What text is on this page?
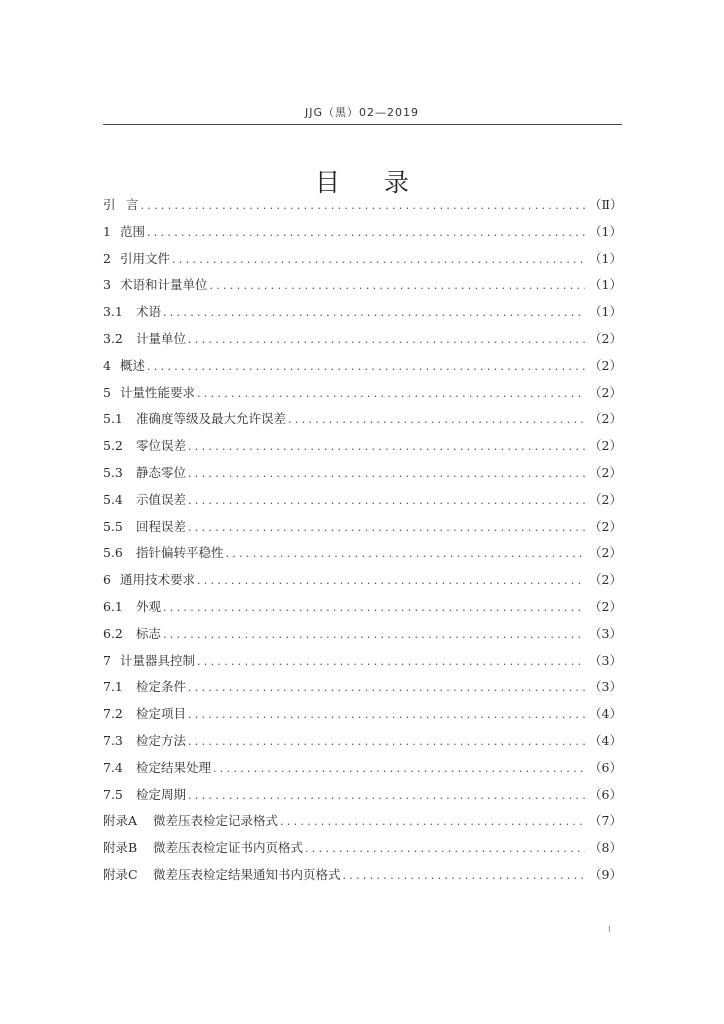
JJG（黑）02—2019
目录
引 言 .....	（Ⅱ）
1 范围 .....	（1）
2 引用文件 .....	（1）
3 术语和计量单位 .....	（1）
3.1	术语 .....	（1）
3.2	计量单位 .....	（2）
4 概述 .....	（2）
5 计量性能要求 .....	（2）
5.1	准确度等级及最大允许误差 .....	（2）
5.2	零位误差 .....	（2）
5.3	静态零位 .....	（2）
5.4	示值误差 .....	（2）
5.5	回程误差 .....	（2）
5.6	指针偏转平稳性 .....	（2）
6 通用技术要求 .....	（2）
6.1	外观 .....	（2）
6.2	标志 .....	（3）
7 计量器具控制 .....	（3）
7.1	检定条件 .....	（3）
7.2	检定项目 .....	（4）
7.3	检定方法 .....	（4）
7.4	检定结果处理 .....	（6）
7.5	检定周期 .....	（6）
附录A	微差压表检定记录格式 .....	（7）
附录B	微差压表检定证书内页格式 .....	（8）
附录C	微差压表检定结果通知书内页格式 .....	（9）
I
